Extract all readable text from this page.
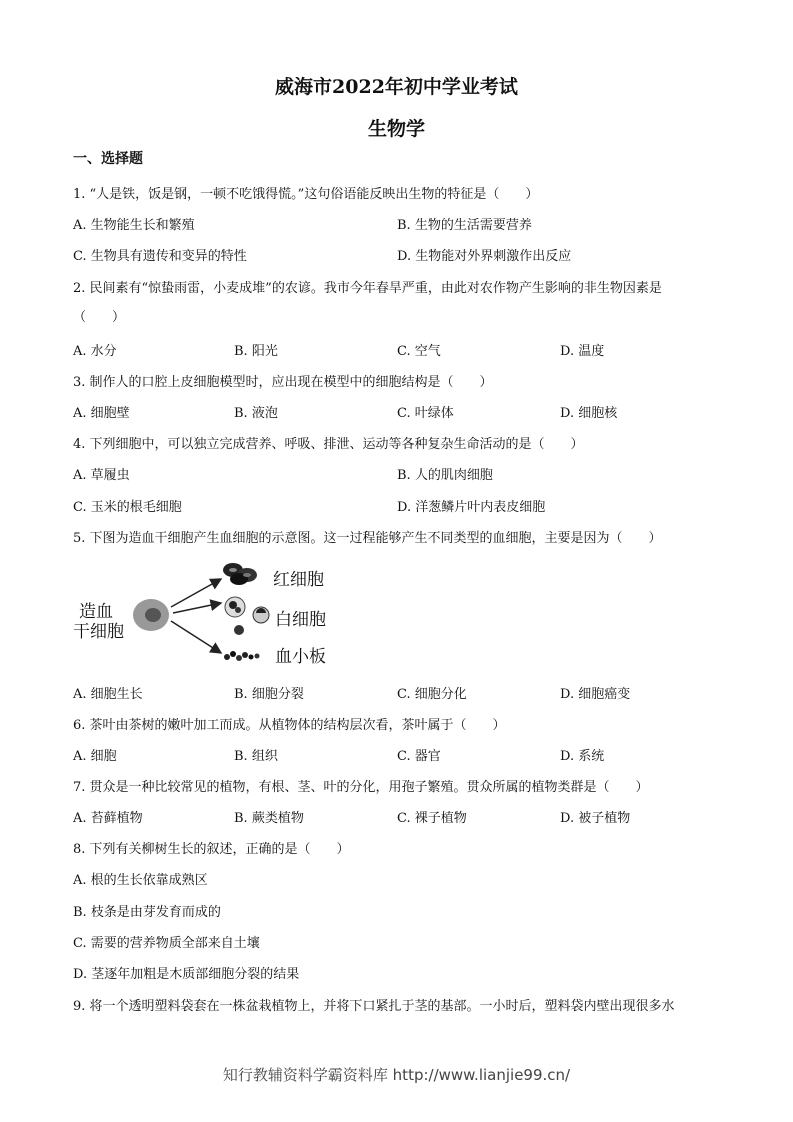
威海市2022年初中学业考试
生物学
一、选择题
1. “人是铁，饭是钢，一顿不吃饿得慌。”这句俗语能反映出生物的特征是（　　）
A. 生物能生长和繁殖	B. 生物的生活需要营养
C. 生物具有遗传和变异的特性	D. 生物能对外界刺激作出反应
2. 民间素有“惊蛰雨雷，小麦成堆”的农谚。我市今年春旱严重，由此对农作物产生影响的非生物因素是
（　　）
A. 水分	B. 阳光	C. 空气	D. 温度
3. 制作人的口腔上皮细胞模型时，应出现在模型中的细胞结构是（　　）
A. 细胞壁	B. 液泡	C. 叶绿体	D. 细胞核
4. 下列细胞中，可以独立完成营养、呼吸、排泄、运动等各种复杂生命活动的是（　　）
A. 草履虫	B. 人的肌肉细胞
C. 玉米的根毛细胞	D. 洋葱鳞片叶内表皮细胞
5. 下图为造血干细胞产生血细胞的示意图。这一过程能够产生不同类型的血细胞，主要是因为（　　）
造血
干细胞
红细胞
白细胞
血小板
A. 细胞生长	B. 细胞分裂	C. 细胞分化	D. 细胞癌变
6. 茶叶由茶树的嫩叶加工而成。从植物体的结构层次看，茶叶属于（　　）
A. 细胞	B. 组织	C. 器官	D. 系统
7. 贯众是一种比较常见的植物，有根、茎、叶的分化，用孢子繁殖。贯众所属的植物类群是（　　）
A. 苔藓植物	B. 蕨类植物	C. 裸子植物	D. 被子植物
8. 下列有关柳树生长的叙述，正确的是（　　）
A. 根的生长依靠成熟区
B. 枝条是由芽发育而成的
C. 需要的营养物质全部来自土壤
D. 茎逐年加粗是木质部细胞分裂的结果
9. 将一个透明塑料袋套在一株盆栽植物上，并将下口紧扎于茎的基部。一小时后，塑料袋内壁出现很多水
知行教辅资料学霸资料库 http://www.lianjie99.cn/
